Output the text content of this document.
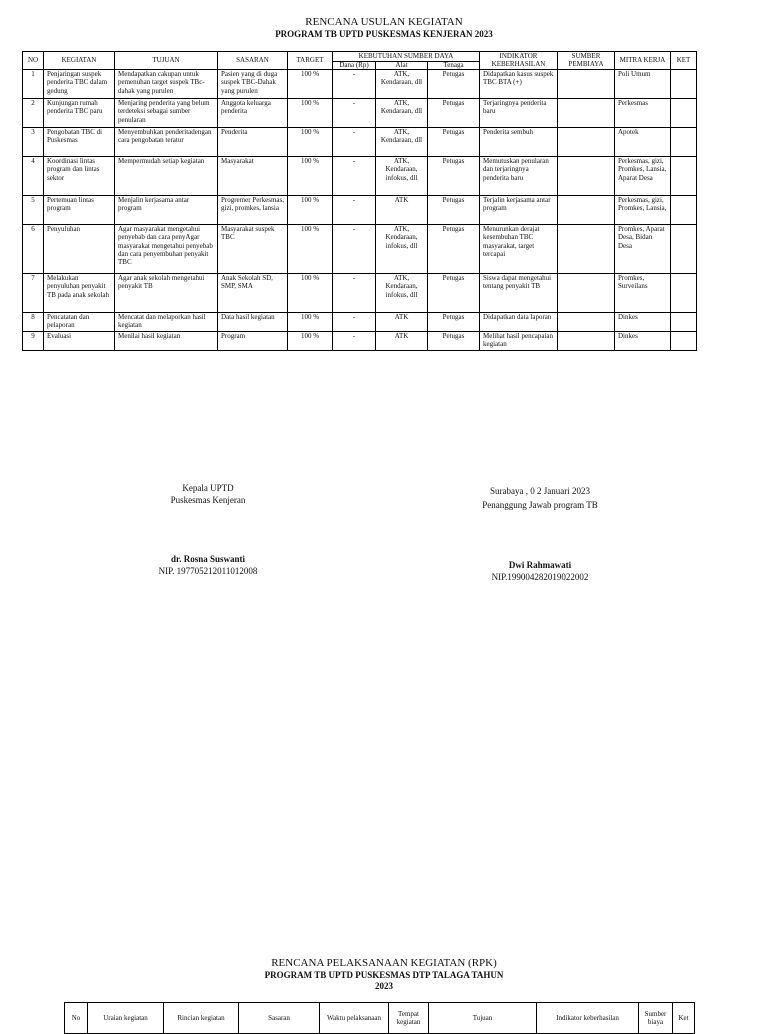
RENCANA USULAN KEGIATAN
PROGRAM TB UPTD PUSKESMAS KENJERAN 2023
NO	KEGIATAN	TUJUAN	SASARAN	TARGET	KEBUTUHAN SUMBER DAYA			INDIKATOR KEBERHASILAN	SUMBER PEMBIAYA	MITRA KERJA	KET
					Dana (Rp)	Alat	Tenaga				
1	Penjaringan suspek penderita TBC dalam gedung	Mendapatkan cakupan untuk pemenuhan target suspek TBc-dahak yang purulen	Pasien yang di duga suspek TBC-Dahak yang purulen	100 %	-	ATK, Kendaraan, dll	Petugas	Didapatkan kasus suspek TBC BTA (+)		Poli Umum	
2	Kunjungan rumah penderita TBC paru	Menjaring penderita yang belum terdeteksi sebagai sumber penularan	Anggota keluarga penderita	100 %	-	ATK, Kendaraan, dll	Petugas	Terjaringnya penderita baru		Perkesmas	
3	Pengobatan TBC di Puskesmas	Menyembuhkan penderitadengan cara pengobatan teratur	Penderita	100 %	-	ATK, Kendaraan, dll	Petugas	Penderita sembuh		Apotek	
4	Koordinasi lintas program dan lintas sektor	Mempermudah setiap kegiatan	Masyarakat	100 %	-	ATK, Kendaraan, infokus, dll	Petugas	Memutuskan penularan dan terjaringnya penderita baru		Perkesmas, gizi, Promkes, Lansia, Aparat Desa	
5	Pertemuan lintas program	Menjalin kerjasama antar program	Progremer Perkesmas, gizi, promkes, lansia	100 %	-	ATK	Petugas	Terjalin kerjasama antar program		Perkesmas, gizi, Promkes, Lansia,	
6	Penyuluhan	Agar masyarakat mengetahui penyebab dan cara penyAgar masyarakat mengetahui penyebab dan cara penyembuhan penyakit TBC	Masyarakat suspek TBC	100 %	-	ATK, Kendaraan, infokus, dll	Petugas	Menurunkan derajat kesembuhan TBC masyarakat, target tercapai		Promkes, Aparat Desa, Bidan Desa	
7	Melakukan penyuluhan penyakit TB pada anak sekolah	Agar anak sekolah mengetahui penyakit TB	Anak Sekolah SD, SMP, SMA	100 %	-	ATK, Kendaraan, infokus, dll	Petugas	Siswa dapat mengetahui tentang penyakit TB		Promkes, Surveilans	
8	Pencatatan dan pelaporan	Mencatat dan melaporkan hasil kegiatan	Data hasil kegiatan	100 %	-	ATK	Petugas	Didapatkan data laporan		Dinkes	
9	Evaluasi	Menilai hasil kegiatan	Program	100 %	-	ATK	Petugas	Melihat hasil pencapaian kegiatan		Dinkes	
Kepala UPTD
Puskesmas Kenjeran
dr. Rosna Suswanti
NIP. 197705212011012008
Surabaya , 0 2 Januari 2023
Penanggung Jawab program TB
Dwi Rahmawati
NIP.199004282019022002
RENCANA PELAKSANAAN KEGIATAN (RPK)
PROGRAM TB UPTD PUSKESMAS DTP TALAGA TAHUN
2023
No	Uraian kegiatan	Rincian kegiatan	Sasaran	Waktu pelaksanaan	Tempat kegiatan	Tujuan	Indikator keberhasilan	Sumber biaya	Ket
